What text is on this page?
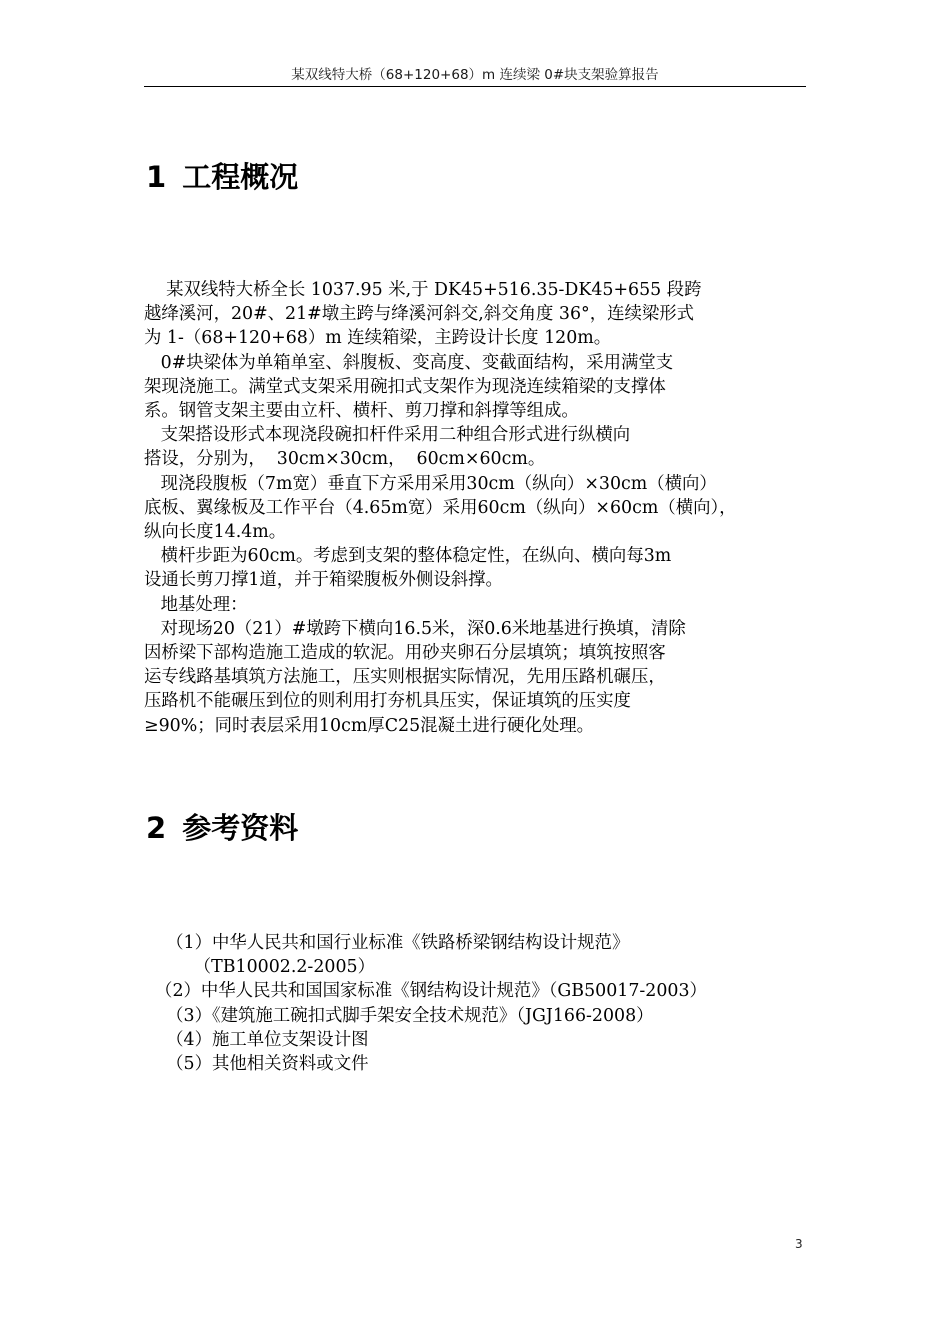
某双线特大桥（68+120+68）m 连续梁 0#块支架验算报告
1 工程概况

某双线特大桥全长 1037.95 米,于 DK45+516.35-DK45+655 段跨

越绛溪河，20#、21#墩主跨与绛溪河斜交,斜交角度 36°，连续梁形式

为 1-（68+120+68）m 连续箱梁，主跨设计长度 120m。

0#块梁体为单箱单室、斜腹板、变高度、变截面结构，采用满堂支

架现浇施工。满堂式支架采用碗扣式支架作为现浇连续箱梁的支撑体

系。钢管支架主要由立杆、横杆、剪刀撑和斜撑等组成。

支架搭设形式本现浇段碗扣杆件采用二种组合形式进行纵横向

搭设，分别为，  30cm×30cm，  60cm×60cm。

现浇段腹板（7m宽）垂直下方采用采用30cm（纵向）×30cm（横向）

底板、翼缘板及工作平台（4.65m宽）采用60cm（纵向）×60cm（横向），

纵向长度14.4m。

横杆步距为60cm。考虑到支架的整体稳定性，在纵向、横向每3m

设通长剪刀撑1道，并于箱梁腹板外侧设斜撑。

地基处理：

对现场20（21）#墩跨下横向16.5米，深0.6米地基进行换填，清除

因桥梁下部构造施工造成的软泥。用砂夹卵石分层填筑；填筑按照客

运专线路基填筑方法施工，压实则根据实际情况，先用压路机碾压，

压路机不能碾压到位的则利用打夯机具压实，保证填筑的压实度

≥90%；同时表层采用10cm厚C25混凝土进行硬化处理。

2 参考资料

（1）中华人民共和国行业标准《铁路桥梁钢结构设计规范》

（TB10002.2-2005）

（2）中华人民共和国国家标准《钢结构设计规范》（GB50017-2003）

（3）《建筑施工碗扣式脚手架安全技术规范》（JGJ166-2008）

（4）施工单位支架设计图

（5）其他相关资料或文件

3
